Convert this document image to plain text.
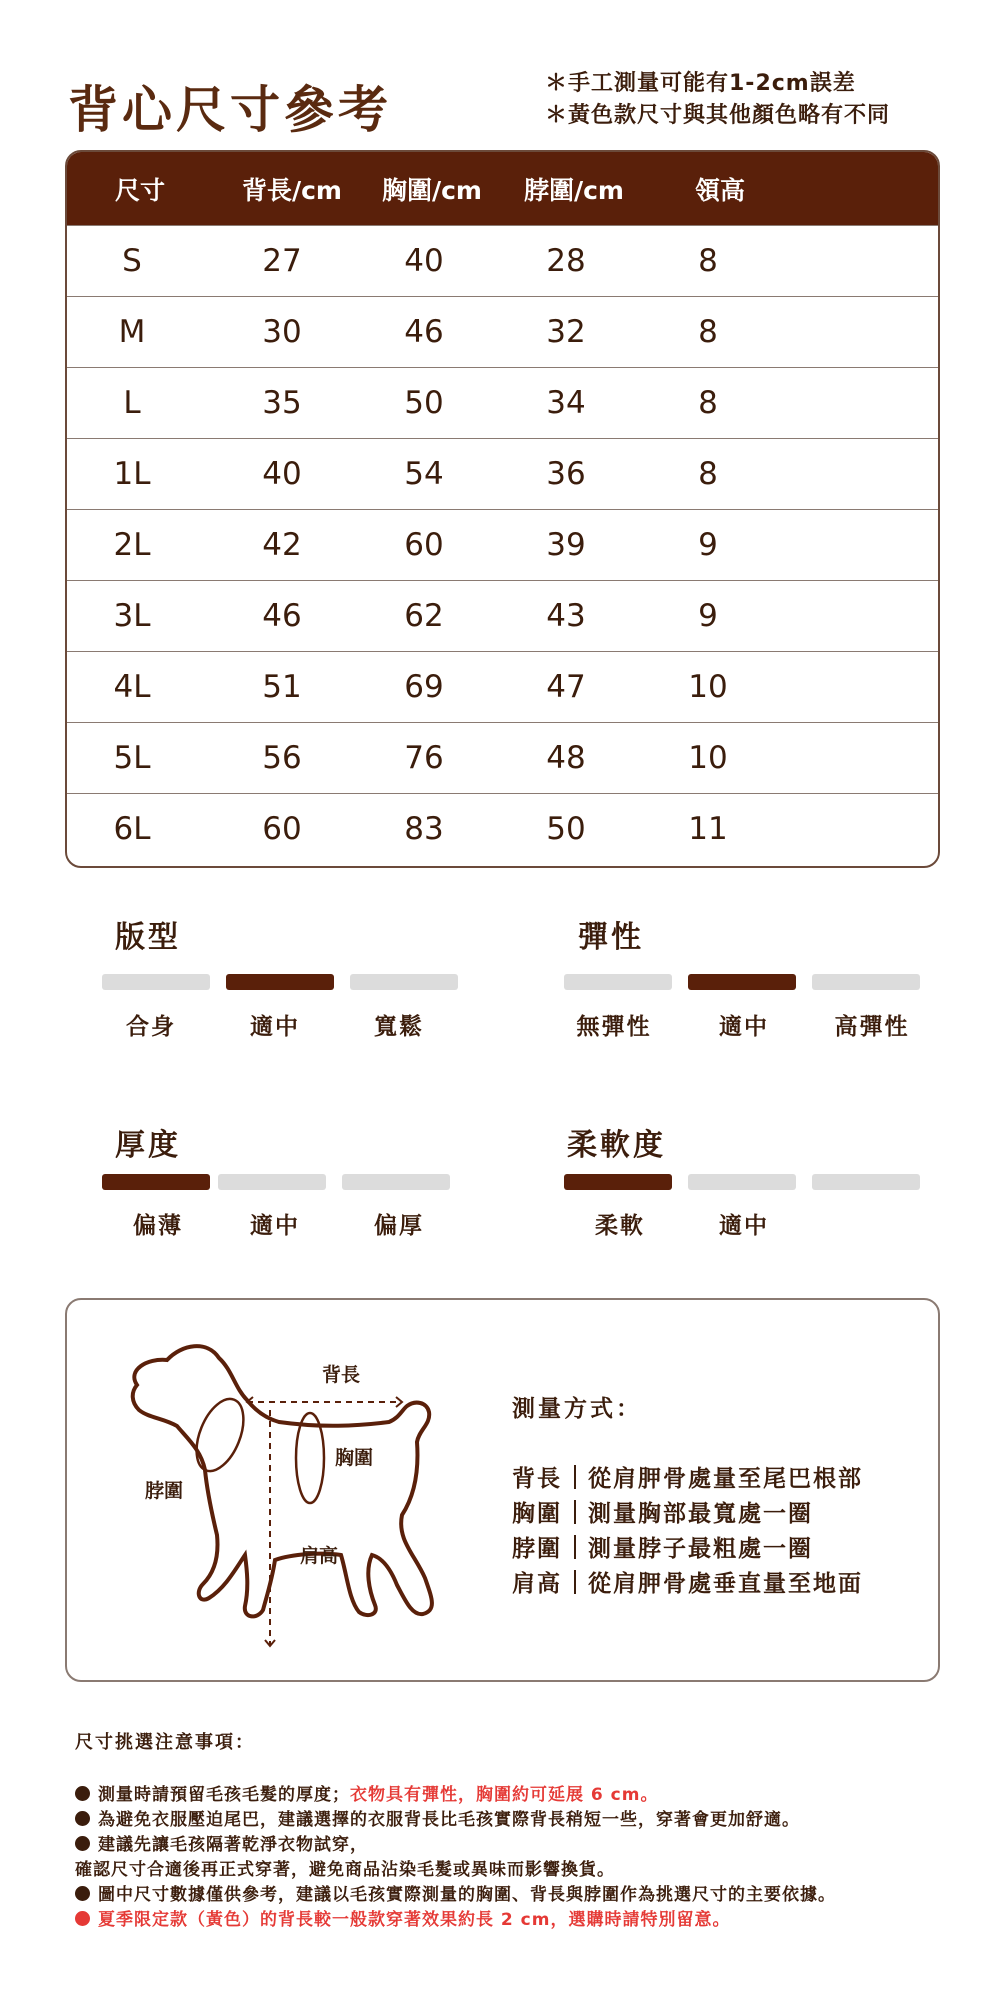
背心尺寸參考	＊手工測量可能有1-2cm誤差
＊黃色款尺寸與其他顏色略有不同
尺寸	背長/cm	胸圍/cm	脖圍/cm	領高
S	27	40	28	8
M	30	46	32	8
L	35	50	34	8
1L	40	54	36	8
2L	42	60	39	9
3L	46	62	43	9
4L	51	69	47	10
5L	56	76	48	10
6L	60	83	50	11
版型
合身	適中	寬鬆
彈性
無彈性	適中	高彈性
厚度
偏薄	適中	偏厚
柔軟度
柔軟	適中
背長
胸圍
脖圍
肩高
測量方式：
背長 從肩胛骨處量至尾巴根部
胸圍 測量胸部最寬處一圈
脖圍 測量脖子最粗處一圈
肩高 從肩胛骨處垂直量至地面
尺寸挑選注意事項：
測量時請預留毛孩毛髮的厚度；衣物具有彈性，胸圍約可延展 6 cm。
為避免衣服壓迫尾巴，建議選擇的衣服背長比毛孩實際背長稍短一些，穿著會更加舒適。
建議先讓毛孩隔著乾淨衣物試穿，
確認尺寸合適後再正式穿著，避免商品沾染毛髮或異味而影響換貨。
圖中尺寸數據僅供參考，建議以毛孩實際測量的胸圍、背長與脖圍作為挑選尺寸的主要依據。
夏季限定款（黃色）的背長較一般款穿著效果約長 2 cm，選購時請特別留意。
